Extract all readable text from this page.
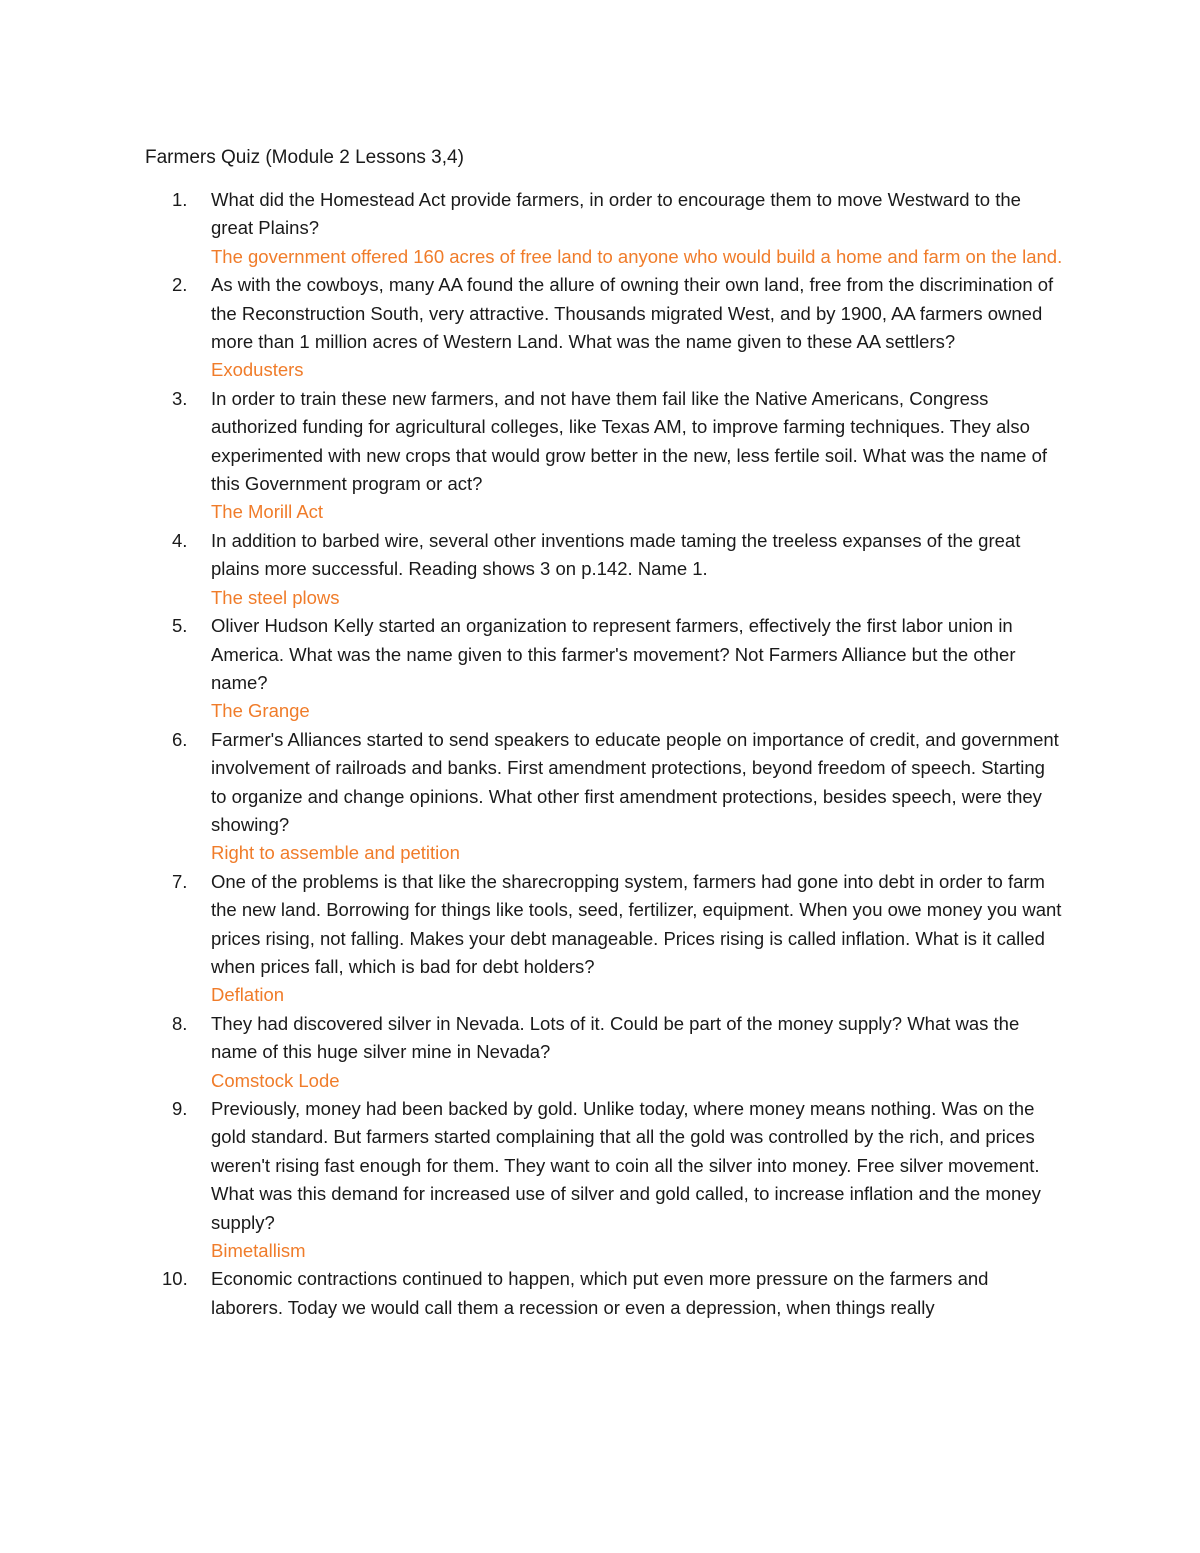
Farmers Quiz (Module 2 Lessons 3,4)
1.	What did the Homestead Act provide farmers, in order to encourage them to move Westward to the great Plains?
The government offered 160 acres of free land to anyone who would build a home and farm on the land.
2.	As with the cowboys, many AA found the allure of owning their own land, free from the discrimination of the Reconstruction South, very attractive. Thousands migrated West, and by 1900, AA farmers owned more than 1 million acres of Western Land. What was the name given to these AA settlers?
Exodusters
3.	In order to train these new farmers, and not have them fail like the Native Americans, Congress authorized funding for agricultural colleges, like Texas AM, to improve farming techniques. They also experimented with new crops that would grow better in the new, less fertile soil. What was the name of this Government program or act?
The Morill Act
4.	In addition to barbed wire, several other inventions made taming the treeless expanses of the great plains more successful. Reading shows 3 on p.142. Name 1.
The steel plows
5.	Oliver Hudson Kelly started an organization to represent farmers, effectively the first labor union in America. What was the name given to this farmer's movement? Not Farmers Alliance but the other name?
The Grange
6.	Farmer's Alliances started to send speakers to educate people on importance of credit, and government involvement of railroads and banks. First amendment protections, beyond freedom of speech. Starting to organize and change opinions. What other first amendment protections, besides speech, were they showing?
Right to assemble and petition
7.	One of the problems is that like the sharecropping system, farmers had gone into debt in order to farm the new land. Borrowing for things like tools, seed, fertilizer, equipment. When you owe money you want prices rising, not falling. Makes your debt manageable. Prices rising is called inflation. What is it called when prices fall, which is bad for debt holders?
Deflation
8.	They had discovered silver in Nevada. Lots of it. Could be part of the money supply? What was the name of this huge silver mine in Nevada?
Comstock Lode
9.	Previously, money had been backed by gold. Unlike today, where money means nothing. Was on the gold standard. But farmers started complaining that all the gold was controlled by the rich, and prices weren't rising fast enough for them. They want to coin all the silver into money. Free silver movement. What was this demand for increased use of silver and gold called, to increase inflation and the money supply?
Bimetallism
10.	Economic contractions continued to happen, which put even more pressure on the farmers and laborers. Today we would call them a recession or even a depression, when things really
